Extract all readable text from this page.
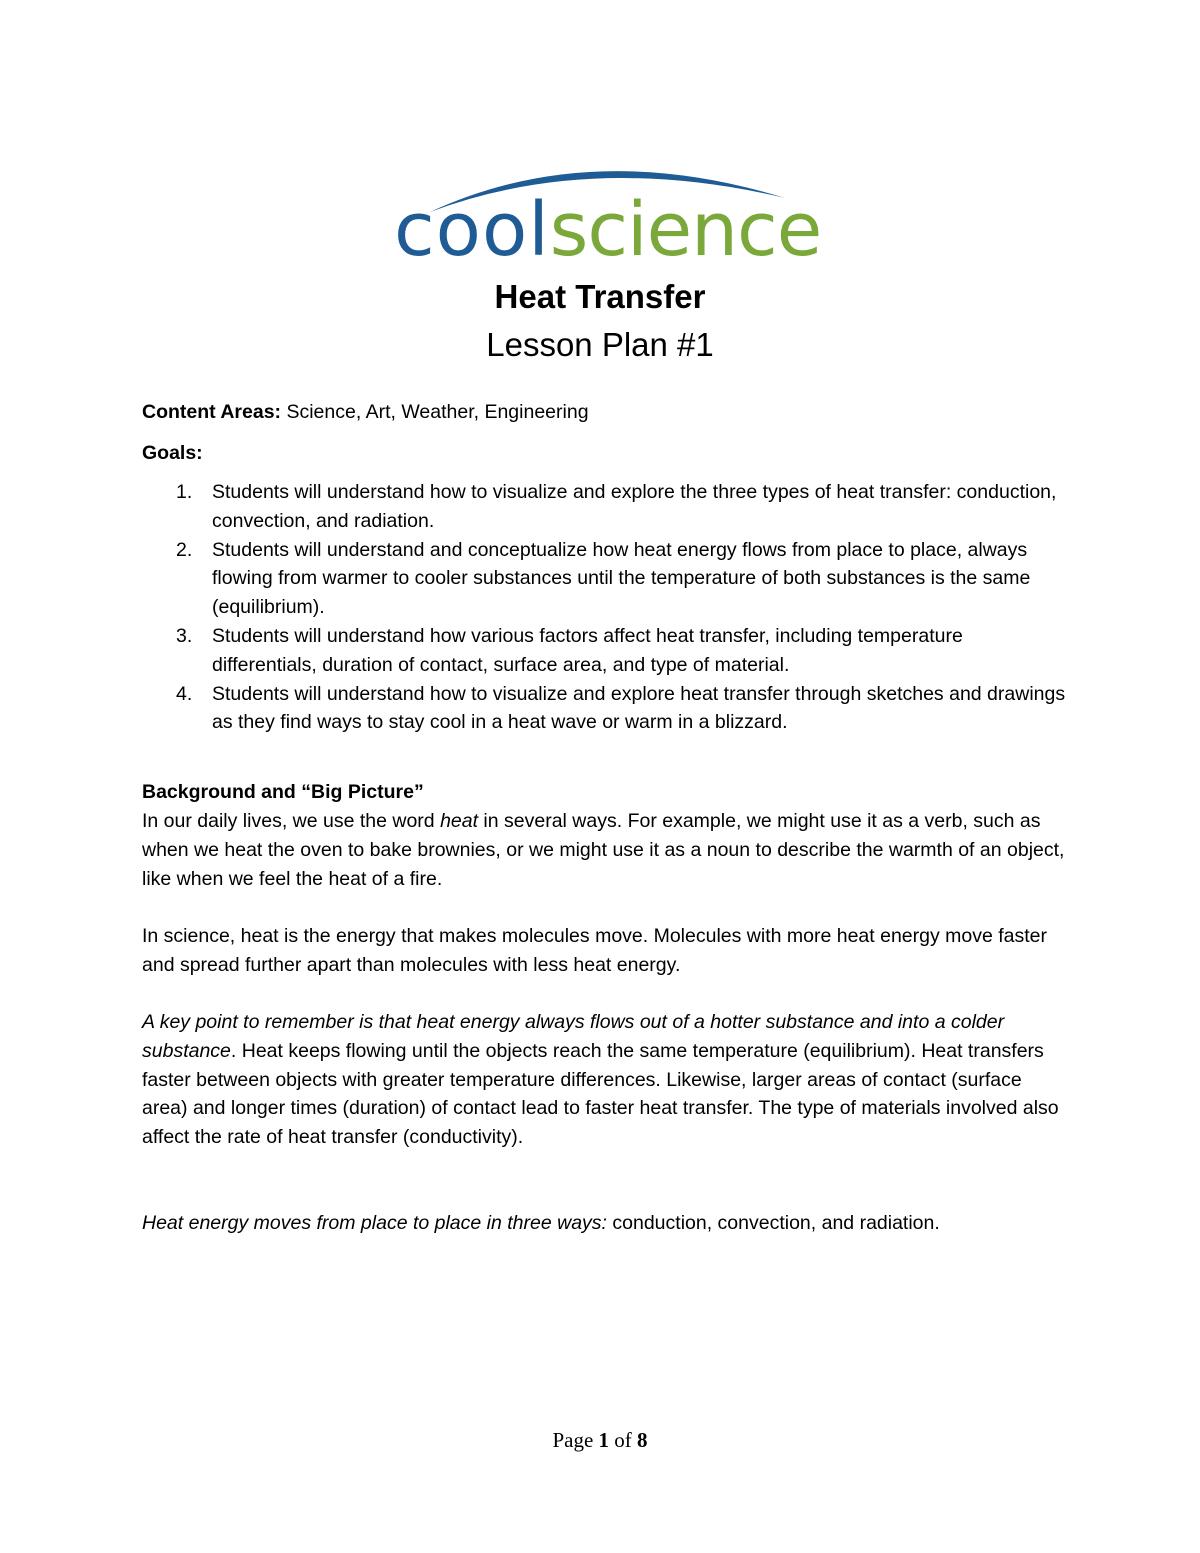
coolscience
Heat Transfer
Lesson Plan #1
Content Areas: Science, Art, Weather, Engineering
Goals:
1. Students will understand how to visualize and explore the three types of heat transfer: conduction, convection, and radiation.
2. Students will understand and conceptualize how heat energy flows from place to place, always flowing from warmer to cooler substances until the temperature of both substances is the same (equilibrium).
3. Students will understand how various factors affect heat transfer, including temperature differentials, duration of contact, surface area, and type of material.
4. Students will understand how to visualize and explore heat transfer through sketches and drawings as they find ways to stay cool in a heat wave or warm in a blizzard.
Background and “Big Picture”
In our daily lives, we use the word heat in several ways. For example, we might use it as a verb, such as when we heat the oven to bake brownies, or we might use it as a noun to describe the warmth of an object, like when we feel the heat of a fire.
In science, heat is the energy that makes molecules move. Molecules with more heat energy move faster and spread further apart than molecules with less heat energy.
A key point to remember is that heat energy always flows out of a hotter substance and into a colder substance. Heat keeps flowing until the objects reach the same temperature (equilibrium). Heat transfers faster between objects with greater temperature differences. Likewise, larger areas of contact (surface area) and longer times (duration) of contact lead to faster heat transfer. The type of materials involved also affect the rate of heat transfer (conductivity).
Heat energy moves from place to place in three ways: conduction, convection, and radiation.
Page 1 of 8
